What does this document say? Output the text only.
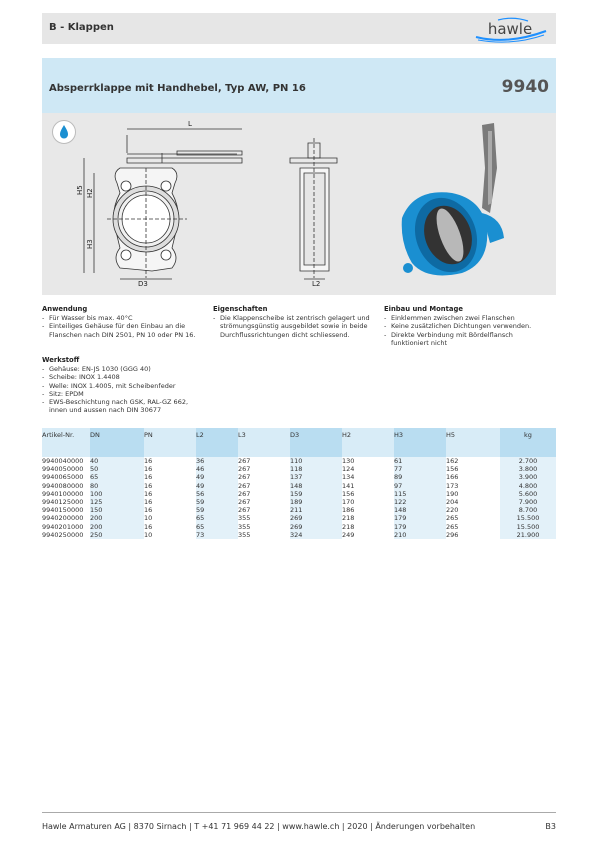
B - Klappen	hawle
Absperrklappe mit Handhebel, Typ AW, PN 16	9940
L
H5 H2
H3
D3	L2
Anwendung
- Für Wasser bis max. 40°C
- Einteiliges Gehäuse für den Einbau an die Flanschen nach DIN 2501, PN 10 oder PN 16.
Eigenschaften
- Die Klappenscheibe ist zentrisch gelagert und strömungsgünstig ausgebildet sowie in beide Durchflussrichtungen dicht schliessend.
Einbau und Montage
- Einklemmen zwischen zwei Flanschen
- Keine zusätzlichen Dichtungen verwenden.
- Direkte Verbindung mit Bördelflansch funktioniert nicht
Werkstoff
- Gehäuse: EN-JS 1030 (GGG 40)
- Scheibe: INOX 1.4408
- Welle: INOX 1.4005, mit Scheibenfeder
- Sitz: EPDM
- EWS-Beschichtung nach GSK, RAL-GZ 662, innen und aussen nach DIN 30677
Artikel-Nr.	DN	PN	L2	L3	D3	H2	H3	H5	kg
9940040000	40	16	36	267	110	130	61	162	2.700
9940050000	50	16	46	267	118	124	77	156	3.800
9940065000	65	16	49	267	137	134	89	166	3.900
9940080000	80	16	49	267	148	141	97	173	4.800
9940100000	100	16	56	267	159	156	115	190	5.600
9940125000	125	16	59	267	189	170	122	204	7.900
9940150000	150	16	59	267	211	186	148	220	8.700
9940200000	200	10	65	355	269	218	179	265	15.500
9940201000	200	16	65	355	269	218	179	265	15.500
9940250000	250	10	73	355	324	249	210	296	21.900
Hawle Armaturen AG | 8370 Sirnach | T +41 71 969 44 22 | www.hawle.ch | 2020 | Änderungen vorbehalten	B3
